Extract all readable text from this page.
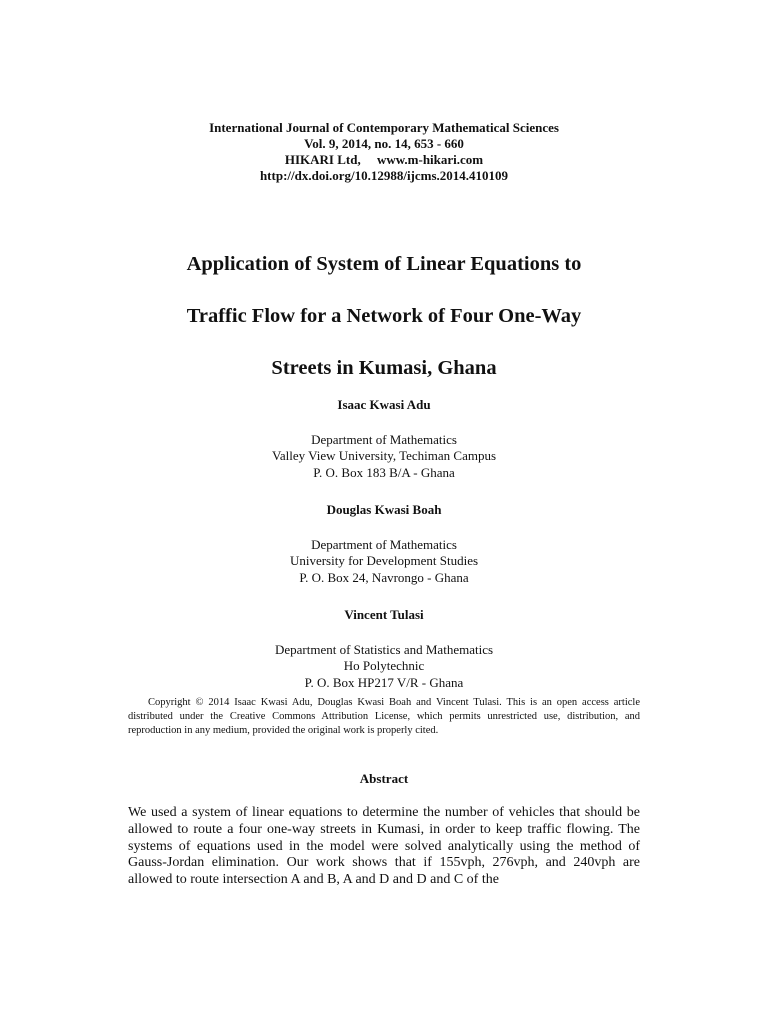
International Journal of Contemporary Mathematical Sciences
Vol. 9, 2014, no. 14, 653 - 660
HIKARI Ltd,     www.m-hikari.com
http://dx.doi.org/10.12988/ijcms.2014.410109
Application of System of Linear Equations to
Traffic Flow for a Network of Four One-Way
Streets in Kumasi, Ghana
Isaac Kwasi Adu
Department of Mathematics
Valley View University, Techiman Campus
P. O. Box 183 B/A - Ghana
Douglas Kwasi Boah
Department of Mathematics
University for Development Studies
P. O. Box 24, Navrongo - Ghana
Vincent Tulasi
Department of Statistics and Mathematics
Ho Polytechnic
P. O. Box HP217 V/R - Ghana
Copyright © 2014 Isaac Kwasi Adu, Douglas Kwasi Boah and Vincent Tulasi. This is an open access article distributed under the Creative Commons Attribution License, which permits unrestricted use, distribution, and reproduction in any medium, provided the original work is properly cited.
Abstract
We used a system of linear equations to determine the number of vehicles that should be allowed to route a four one-way streets in Kumasi, in order to keep traffic flowing. The systems of equations used in the model were solved analytically using the method of Gauss-Jordan elimination. Our work shows that if 155vph, 276vph, and 240vph are allowed to route intersection A and B, A and D and D and C of the
